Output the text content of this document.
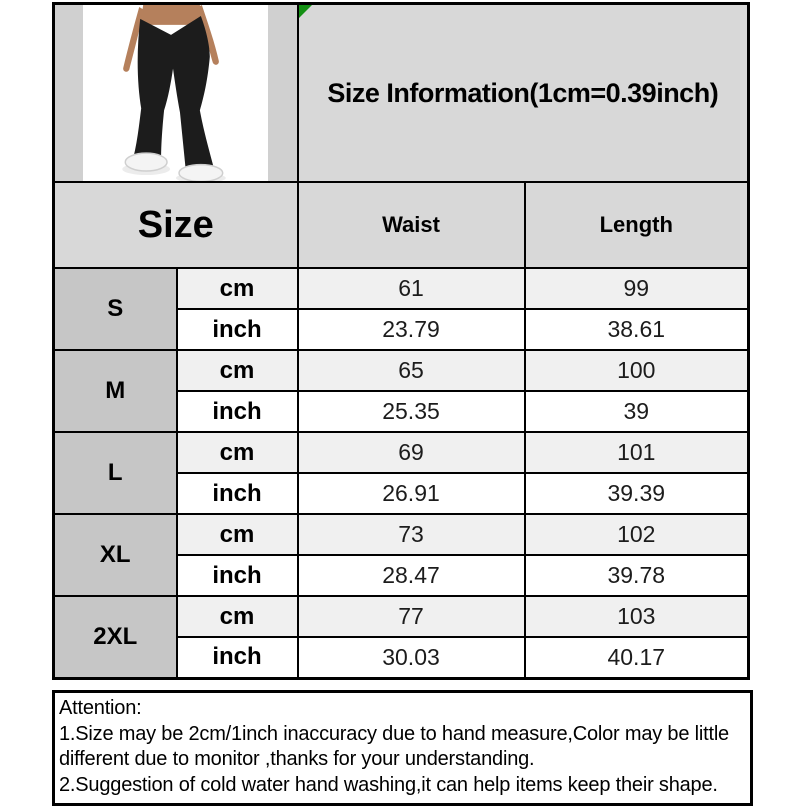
Size Information(1cm=0.39inch)	
Size		Waist	Length
S	cm	61	99
	inch	23.79	38.61
M	cm	65	100
	inch	25.35	39
L	cm	69	101
	inch	26.91	39.39
XL	cm	73	102
	inch	28.47	39.78
2XL	cm	77	103
	inch	30.03	40.17
Attention:
1.Size may be 2cm/1inch inaccuracy due to hand measure,Color may be little
different due to monitor ,thanks for your understanding.
2.Suggestion of cold water hand washing,it can help items keep their shape.
